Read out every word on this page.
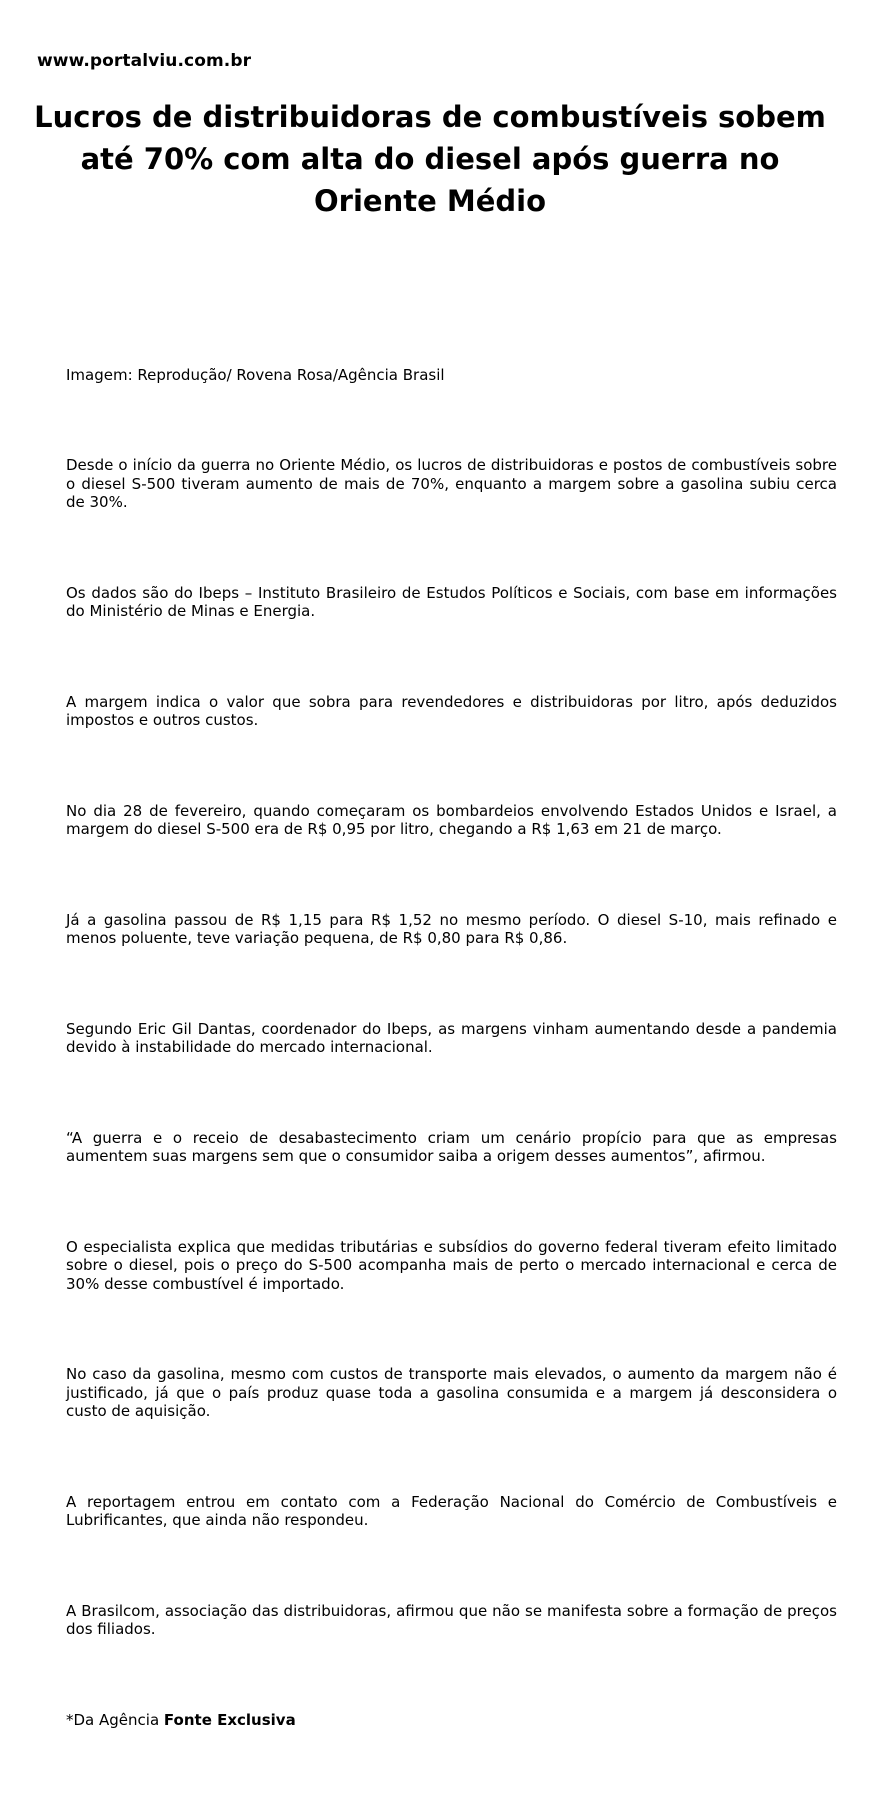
www.portalviu.com.br
Lucros de distribuidoras de combustíveis sobem até 70% com alta do diesel após guerra no Oriente Médio
Imagem: Reprodução/ Rovena Rosa/Agência Brasil

Desde o início da guerra no Oriente Médio, os lucros de distribuidoras e postos de combustíveis sobre o diesel S-500 tiveram aumento de mais de 70%, enquanto a margem sobre a gasolina subiu cerca de 30%.

Os dados são do Ibeps – Instituto Brasileiro de Estudos Políticos e Sociais, com base em informações do Ministério de Minas e Energia.

A margem indica o valor que sobra para revendedores e distribuidoras por litro, após deduzidos impostos e outros custos.

No dia 28 de fevereiro, quando começaram os bombardeios envolvendo Estados Unidos e Israel, a margem do diesel S-500 era de R$ 0,95 por litro, chegando a R$ 1,63 em 21 de março.

Já a gasolina passou de R$ 1,15 para R$ 1,52 no mesmo período. O diesel S-10, mais refinado e menos poluente, teve variação pequena, de R$ 0,80 para R$ 0,86.

Segundo Eric Gil Dantas, coordenador do Ibeps, as margens vinham aumentando desde a pandemia devido à instabilidade do mercado internacional.

“A guerra e o receio de desabastecimento criam um cenário propício para que as empresas aumentem suas margens sem que o consumidor saiba a origem desses aumentos”, afirmou.

O especialista explica que medidas tributárias e subsídios do governo federal tiveram efeito limitado sobre o diesel, pois o preço do S-500 acompanha mais de perto o mercado internacional e cerca de 30% desse combustível é importado.

No caso da gasolina, mesmo com custos de transporte mais elevados, o aumento da margem não é justificado, já que o país produz quase toda a gasolina consumida e a margem já desconsidera o custo de aquisição.

A reportagem entrou em contato com a Federação Nacional do Comércio de Combustíveis e Lubrificantes, que ainda não respondeu.

A Brasilcom, associação das distribuidoras, afirmou que não se manifesta sobre a formação de preços dos filiados.

*Da Agência Fonte Exclusiva
